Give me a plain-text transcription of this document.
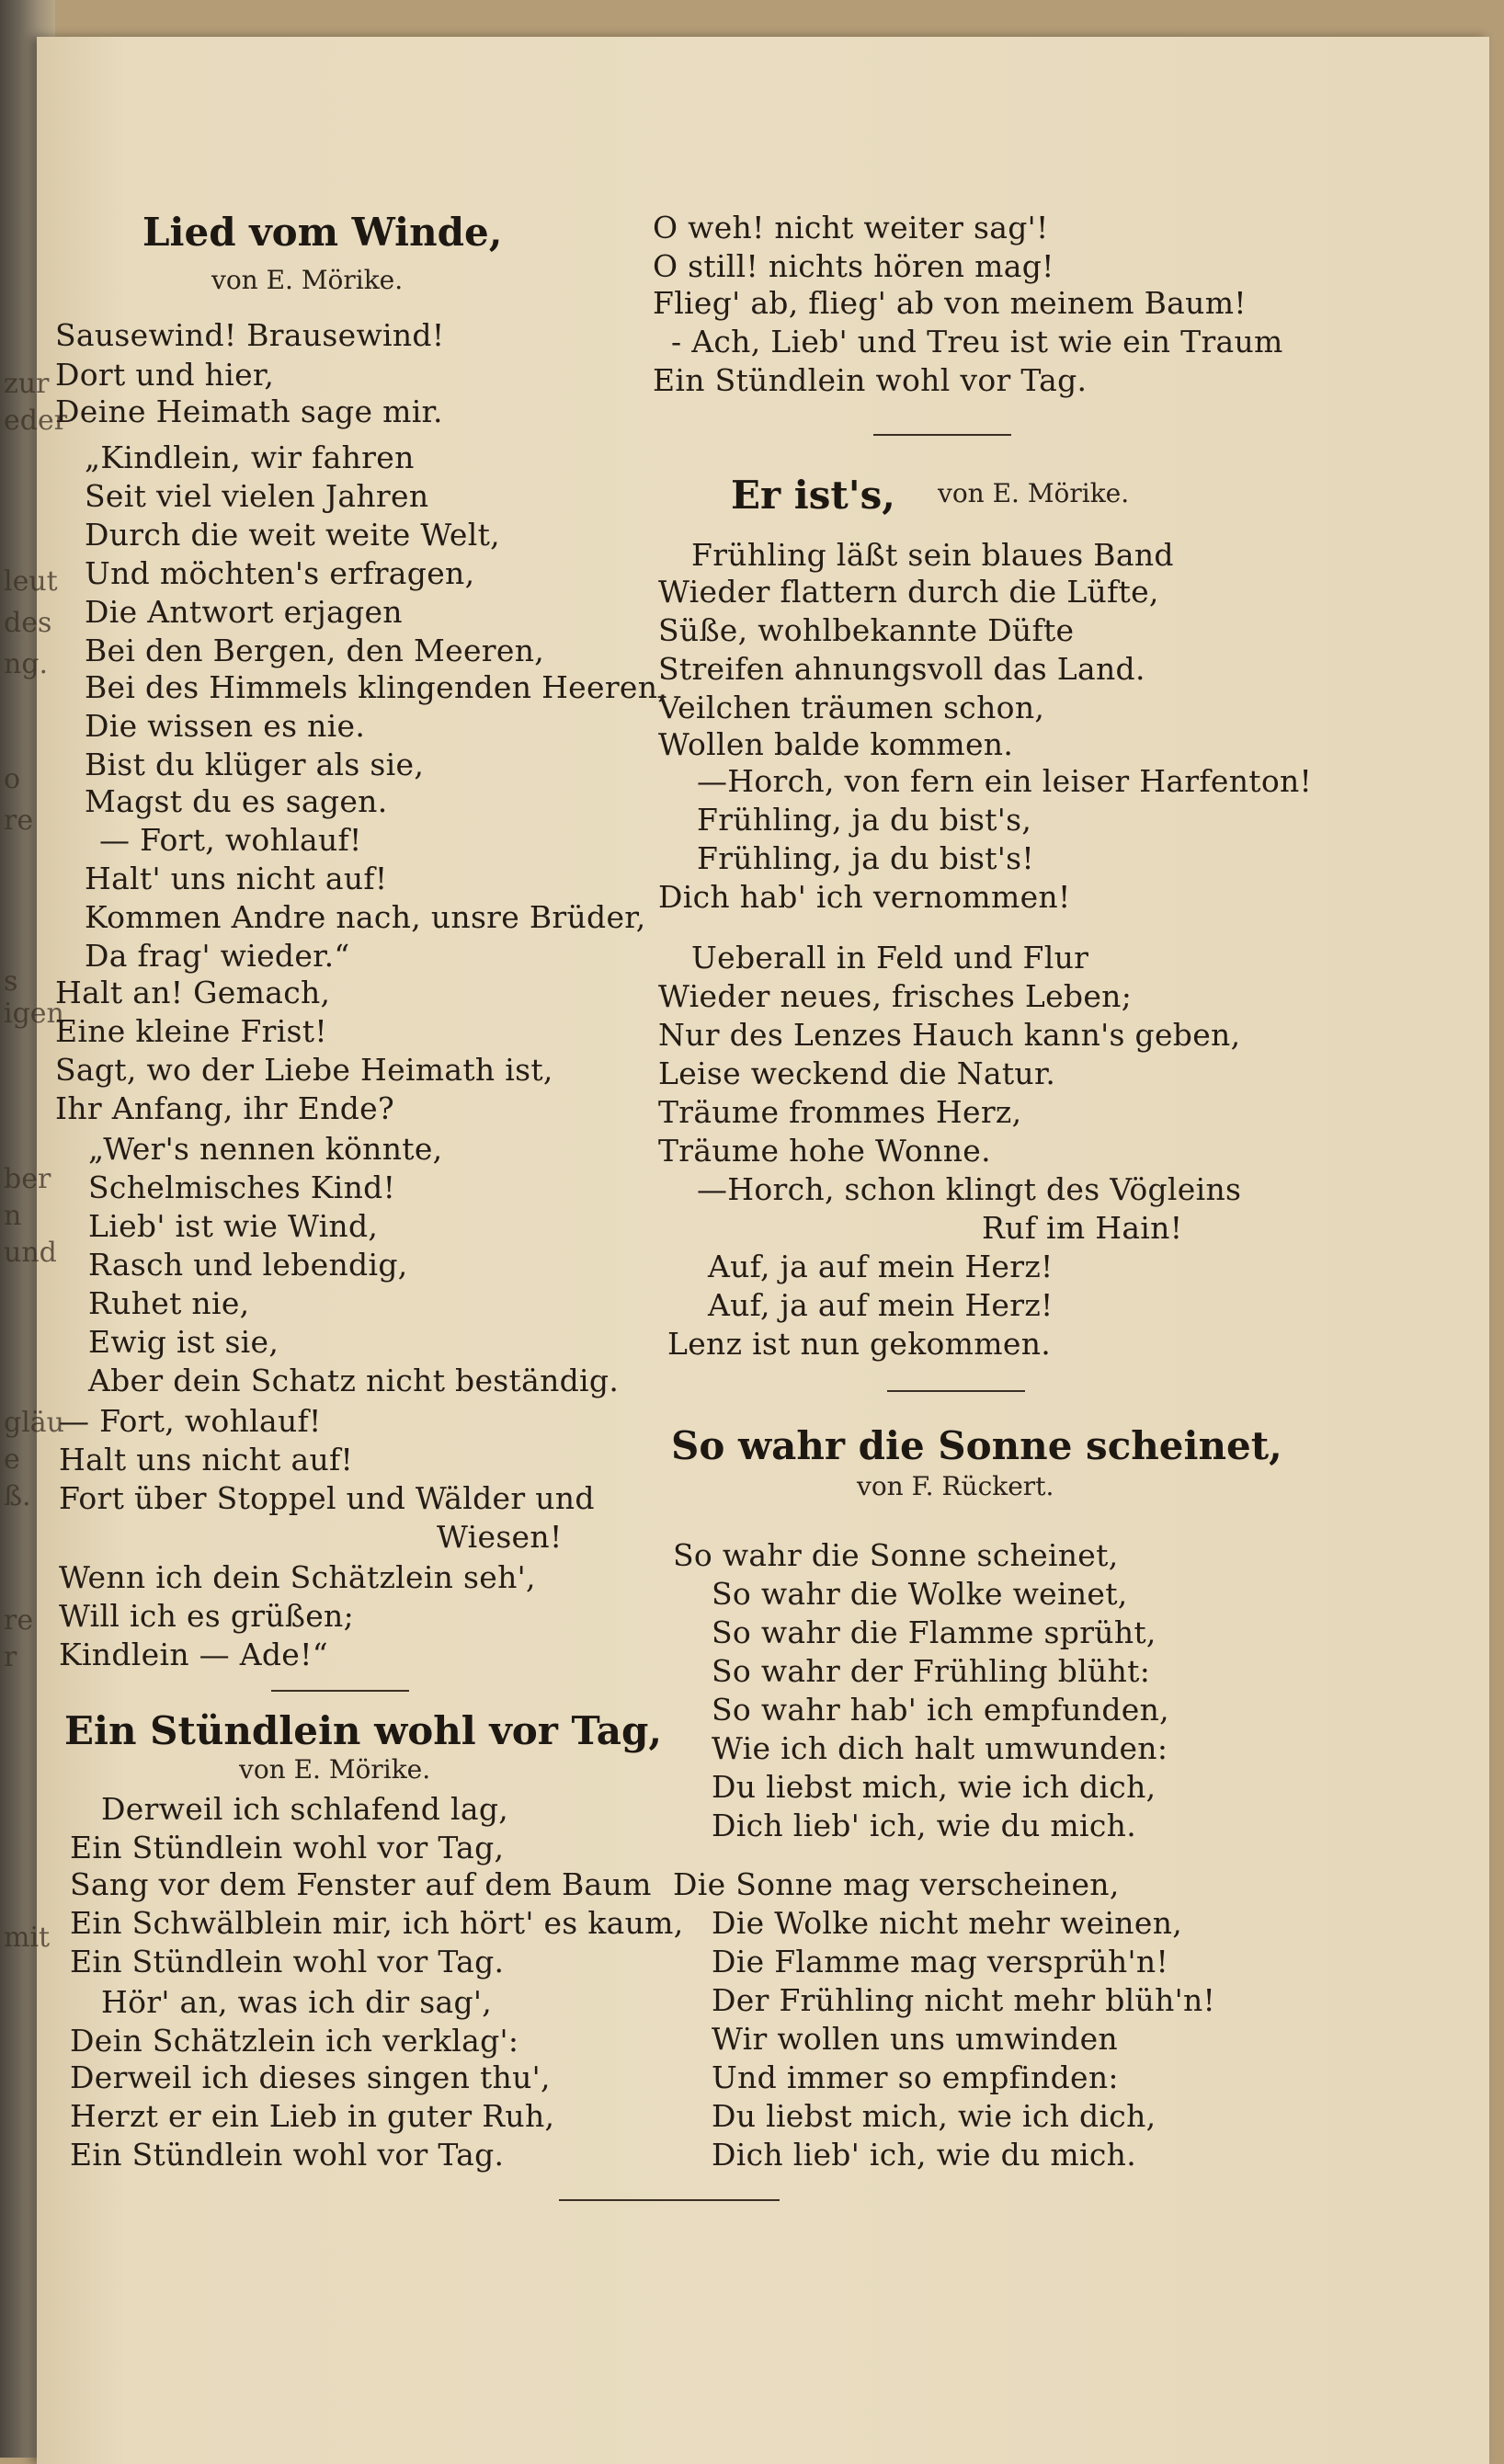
zur
eder
leut
des
ng.
o
re
s
igen
ber
n
und
gläu
e
ß.
re
r
mit
Lied vom Winde,
von E. Mörike.
Sausewind! Brausewind!
Dort und hier,
Deine Heimath sage mir.
„Kindlein, wir fahren
Seit viel vielen Jahren
Durch die weit weite Welt,
Und möchten's erfragen,
Die Antwort erjagen
Bei den Bergen, den Meeren,
Bei des Himmels klingenden Heeren,
Die wissen es nie.
Bist du klüger als sie,
Magst du es sagen.
— Fort, wohlauf!
Halt' uns nicht auf!
Kommen Andre nach, unsre Brüder,
Da frag' wieder.“
Halt an! Gemach,
Eine kleine Frist!
Sagt, wo der Liebe Heimath ist,
Ihr Anfang, ihr Ende?
„Wer's nennen könnte,
Schelmisches Kind!
Lieb' ist wie Wind,
Rasch und lebendig,
Ruhet nie,
Ewig ist sie,
Aber dein Schatz nicht beständig.
— Fort, wohlauf!
Halt uns nicht auf!
Fort über Stoppel und Wälder und
Wiesen!
Wenn ich dein Schätzlein seh',
Will ich es grüßen;
Kindlein — Ade!“
Ein Stündlein wohl vor Tag,
von E. Mörike.
Derweil ich schlafend lag,
Ein Stündlein wohl vor Tag,
Sang vor dem Fenster auf dem Baum
Ein Schwälblein mir, ich hört' es kaum,
Ein Stündlein wohl vor Tag.
Hör' an, was ich dir sag',
Dein Schätzlein ich verklag':
Derweil ich dieses singen thu',
Herzt er ein Lieb in guter Ruh,
Ein Stündlein wohl vor Tag.
O weh! nicht weiter sag'!
O still! nichts hören mag!
Flieg' ab, flieg' ab von meinem Baum!
- Ach, Lieb' und Treu ist wie ein Traum
Ein Stündlein wohl vor Tag.
Er ist's, von E. Mörike.
Frühling läßt sein blaues Band
Wieder flattern durch die Lüfte,
Süße, wohlbekannte Düfte
Streifen ahnungsvoll das Land.
Veilchen träumen schon,
Wollen balde kommen.
—Horch, von fern ein leiser Harfenton!
Frühling, ja du bist's,
Frühling, ja du bist's!
Dich hab' ich vernommen!
Ueberall in Feld und Flur
Wieder neues, frisches Leben;
Nur des Lenzes Hauch kann's geben,
Leise weckend die Natur.
Träume frommes Herz,
Träume hohe Wonne.
—Horch, schon klingt des Vögleins
Ruf im Hain!
Auf, ja auf mein Herz!
Auf, ja auf mein Herz!
Lenz ist nun gekommen.
So wahr die Sonne scheinet,
von F. Rückert.
So wahr die Sonne scheinet,
So wahr die Wolke weinet,
So wahr die Flamme sprüht,
So wahr der Frühling blüht:
So wahr hab' ich empfunden,
Wie ich dich halt umwunden:
Du liebst mich, wie ich dich,
Dich lieb' ich, wie du mich.
Die Sonne mag verscheinen,
Die Wolke nicht mehr weinen,
Die Flamme mag versprüh'n!
Der Frühling nicht mehr blüh'n!
Wir wollen uns umwinden
Und immer so empfinden:
Du liebst mich, wie ich dich,
Dich lieb' ich, wie du mich.
